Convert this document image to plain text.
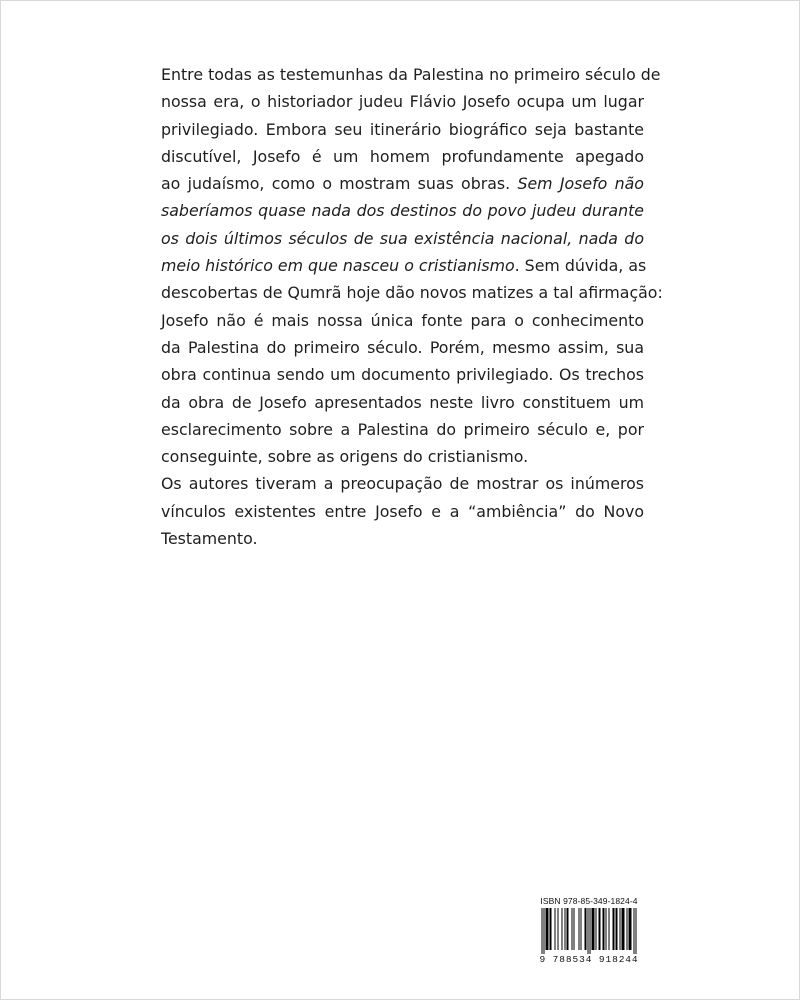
Entre todas as testemunhas da Palestina no primeiro século de
nossa era, o historiador judeu Flávio Josefo ocupa um lugar
privilegiado. Embora seu itinerário biográfico seja bastante
discutível, Josefo é um homem profundamente apegado
ao judaísmo, como o mostram suas obras. Sem Josefo não
saberíamos quase nada dos destinos do povo judeu durante
os dois últimos séculos de sua existência nacional, nada do
meio histórico em que nasceu o cristianismo. Sem dúvida, as
descobertas de Qumrã hoje dão novos matizes a tal afirmação:
Josefo não é mais nossa única fonte para o conhecimento
da Palestina do primeiro século. Porém, mesmo assim, sua
obra continua sendo um documento privilegiado. Os trechos
da obra de Josefo apresentados neste livro constituem um
esclarecimento sobre a Palestina do primeiro século e, por
conseguinte, sobre as origens do cristianismo.

Os autores tiveram a preocupação de mostrar os inúmeros
vínculos existentes entre Josefo e a “ambiência” do Novo
Testamento.

ISBN 978-85-349-1824-4
9 788534 918244
